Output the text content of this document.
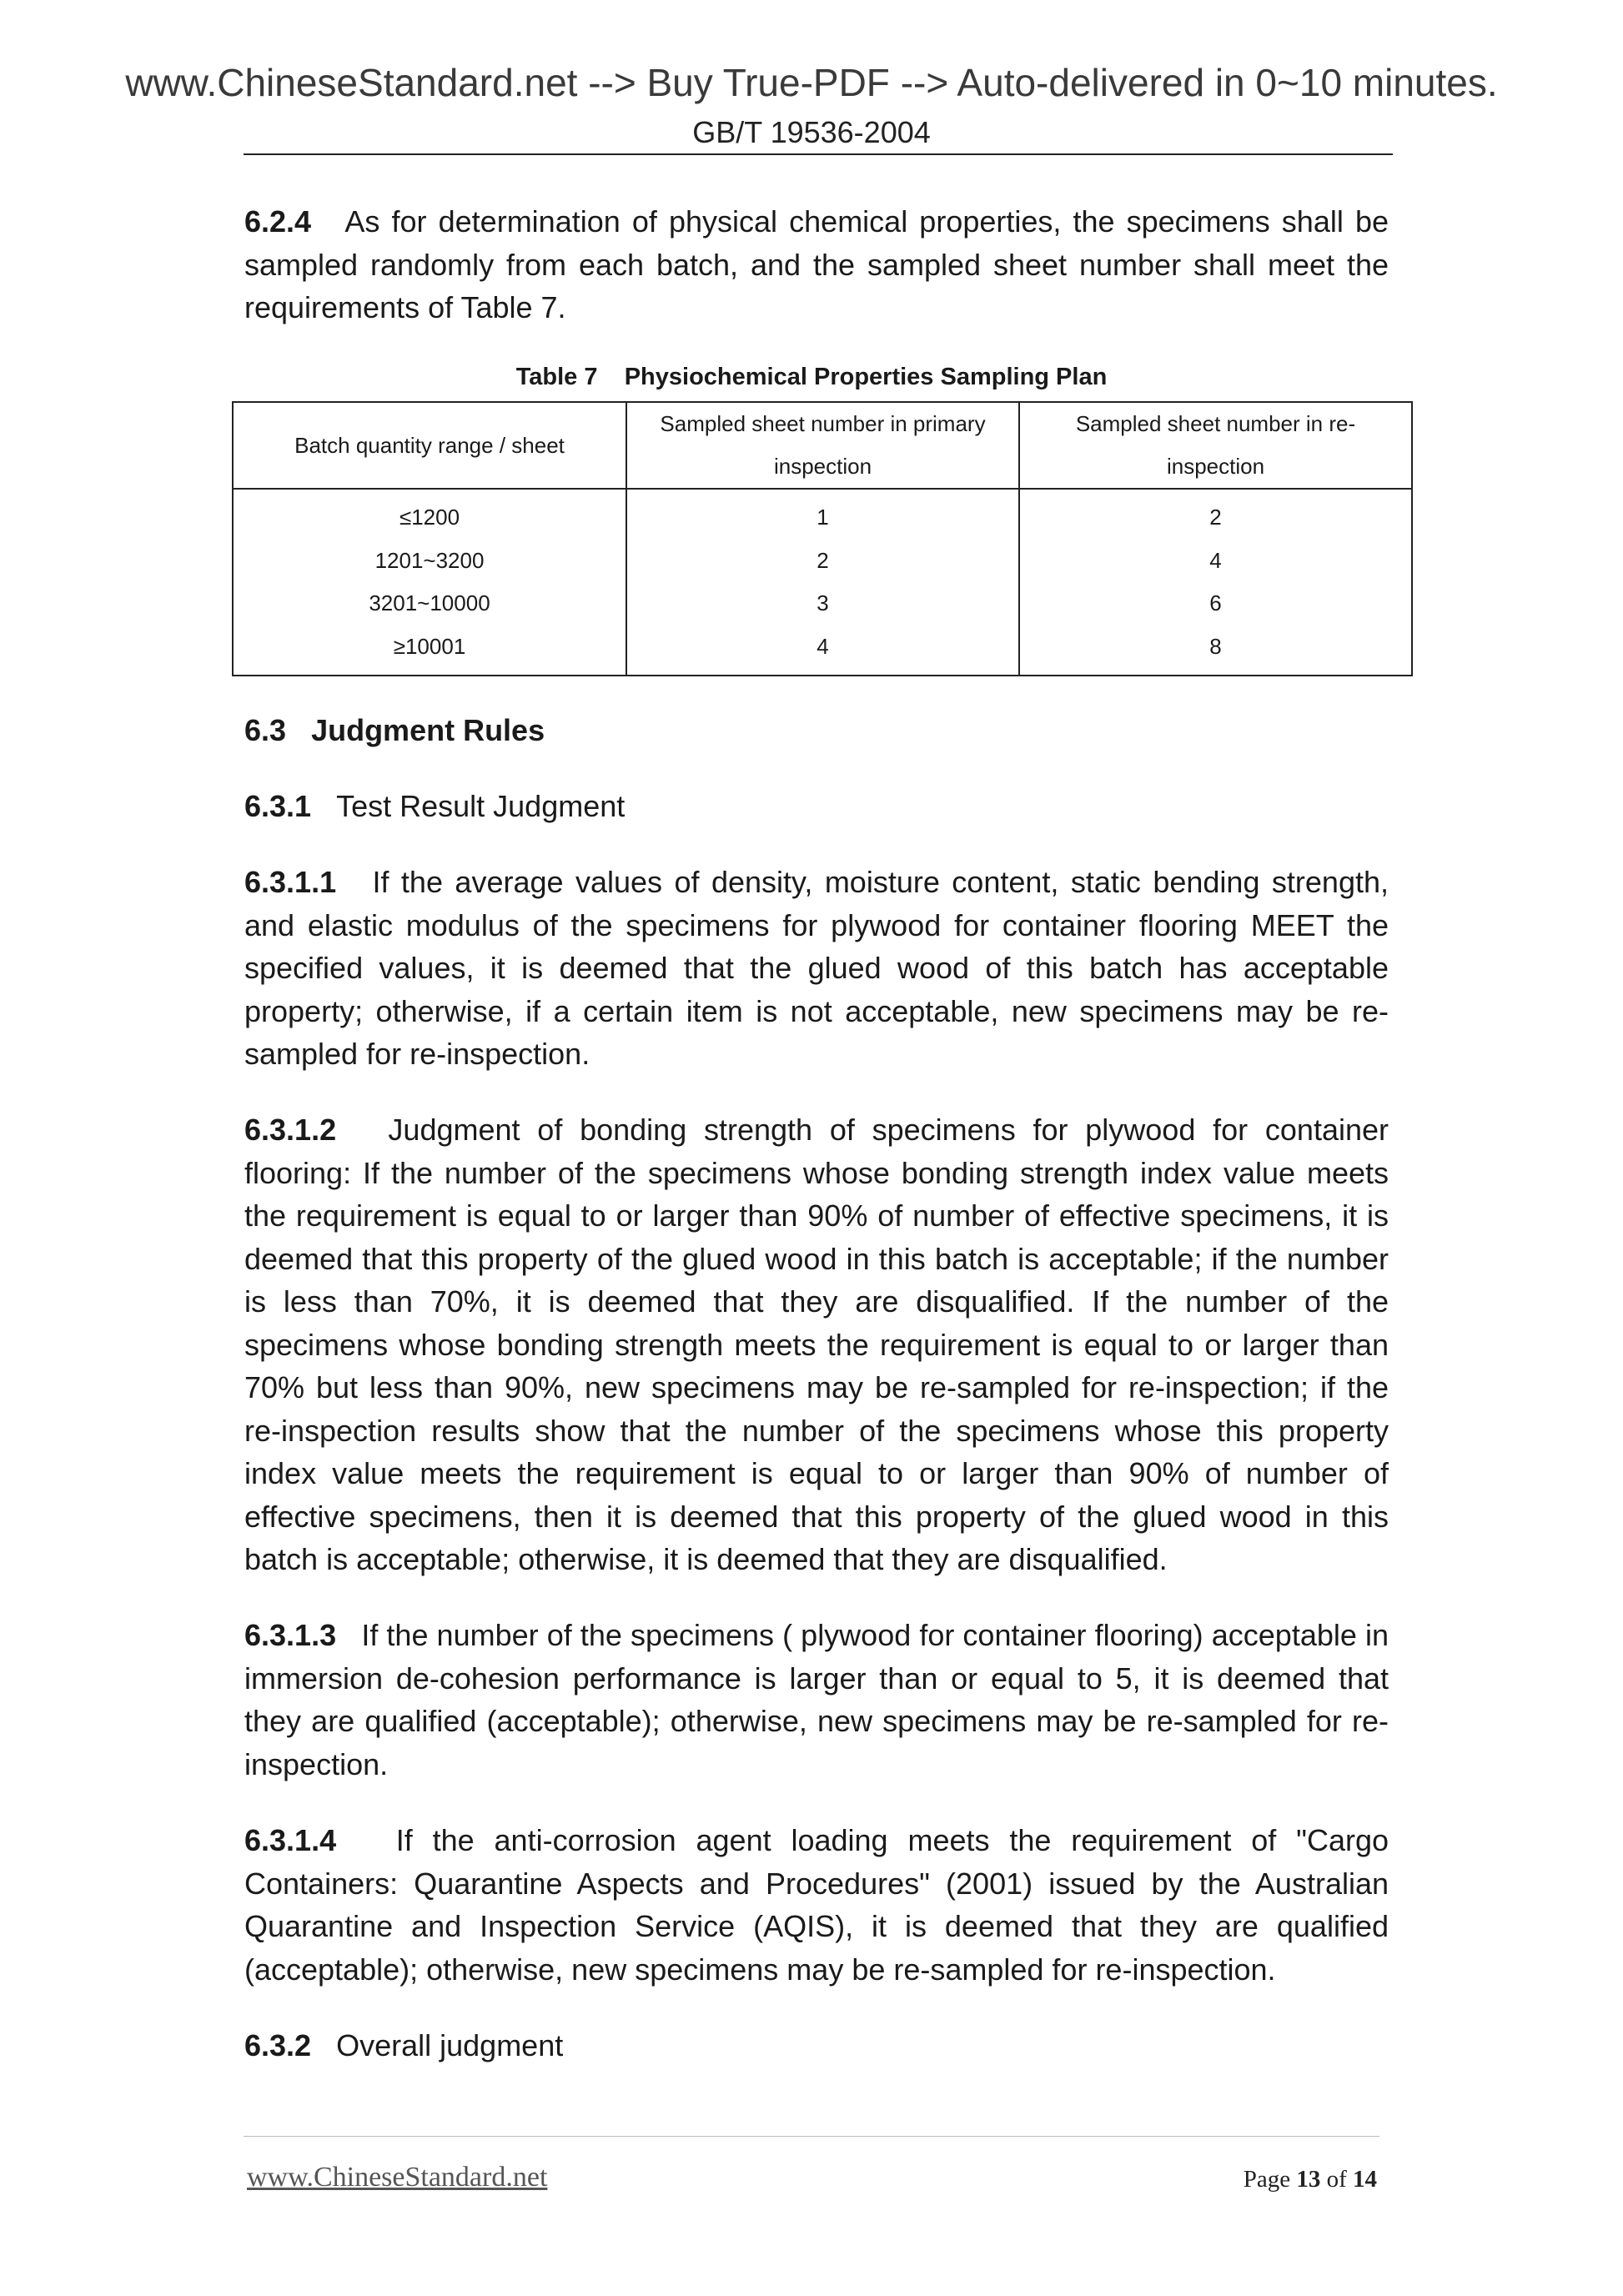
www.ChineseStandard.net --> Buy True-PDF --> Auto-delivered in 0~10 minutes.
GB/T 19536-2004

6.2.4 As for determination of physical chemical properties, the specimens shall be sampled randomly from each batch, and the sampled sheet number shall meet the requirements of Table 7.

Table 7    Physiochemical Properties Sampling Plan
Batch quantity range / sheet	Sampled sheet number in primary inspection	Sampled sheet number in re-inspection
≤1200	1	2
1201~3200	2	4
3201~10000	3	6
≥10001	4	8
6.3 Judgment Rules
6.3.1 Test Result Judgment

6.3.1.1 If the average values of density, moisture content, static bending strength, and elastic modulus of the specimens for plywood for container flooring MEET the specified values, it is deemed that the glued wood of this batch has acceptable property; otherwise, if a certain item is not acceptable, new specimens may be re-sampled for re-inspection.

6.3.1.2 Judgment of bonding strength of specimens for plywood for container flooring: If the number of the specimens whose bonding strength index value meets the requirement is equal to or larger than 90% of number of effective specimens, it is deemed that this property of the glued wood in this batch is acceptable; if the number is less than 70%, it is deemed that they are disqualified. If the number of the specimens whose bonding strength meets the requirement is equal to or larger than 70% but less than 90%, new specimens may be re-sampled for re-inspection; if the re-inspection results show that the number of the specimens whose this property index value meets the requirement is equal to or larger than 90% of number of effective specimens, then it is deemed that this property of the glued wood in this batch is acceptable; otherwise, it is deemed that they are disqualified.

6.3.1.3 If the number of the specimens ( plywood for container flooring) acceptable in immersion de-cohesion performance is larger than or equal to 5, it is deemed that they are qualified (acceptable); otherwise, new specimens may be re-sampled for re-inspection.

6.3.1.4 If the anti-corrosion agent loading meets the requirement of "Cargo Containers: Quarantine Aspects and Procedures" (2001) issued by the Australian Quarantine and Inspection Service (AQIS), it is deemed that they are qualified (acceptable); otherwise, new specimens may be re-sampled for re-inspection.

6.3.2 Overall judgment
www.ChineseStandard.net	Page 13 of 14
